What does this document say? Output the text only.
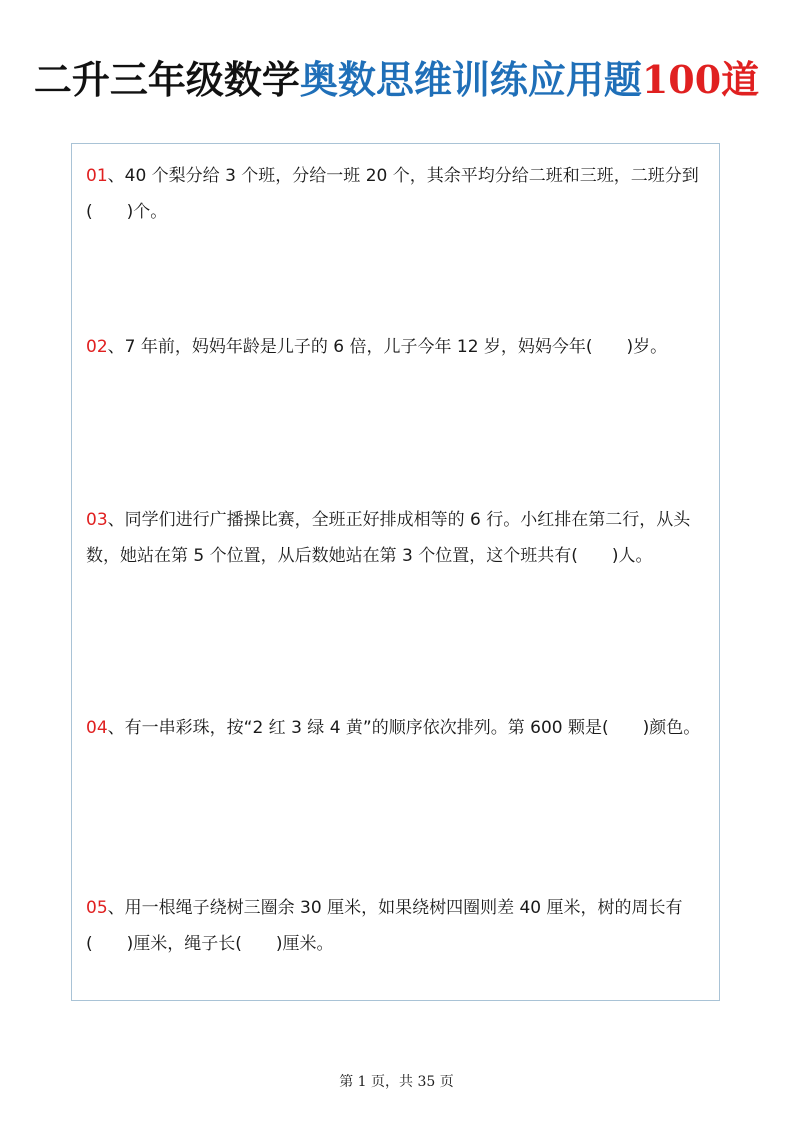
二升三年级数学奥数思维训练应用题100道
01、40 个梨分给 3 个班，分给一班 20 个，其余平均分给二班和三班，二班分到(　　)个。
02、7 年前，妈妈年龄是儿子的 6 倍，儿子今年 12 岁，妈妈今年(　　)岁。
03、同学们进行广播操比赛，全班正好排成相等的 6 行。小红排在第二行，从头数，她站在第 5 个位置，从后数她站在第 3 个位置，这个班共有(　　)人。
04、有一串彩珠，按“2 红 3 绿 4 黄”的顺序依次排列。第 600 颗是(　　)颜色。
05、用一根绳子绕树三圈余 30 厘米，如果绕树四圈则差 40 厘米，树的周长有(　　)厘米，绳子长(　　)厘米。
第 1 页，共 35 页
